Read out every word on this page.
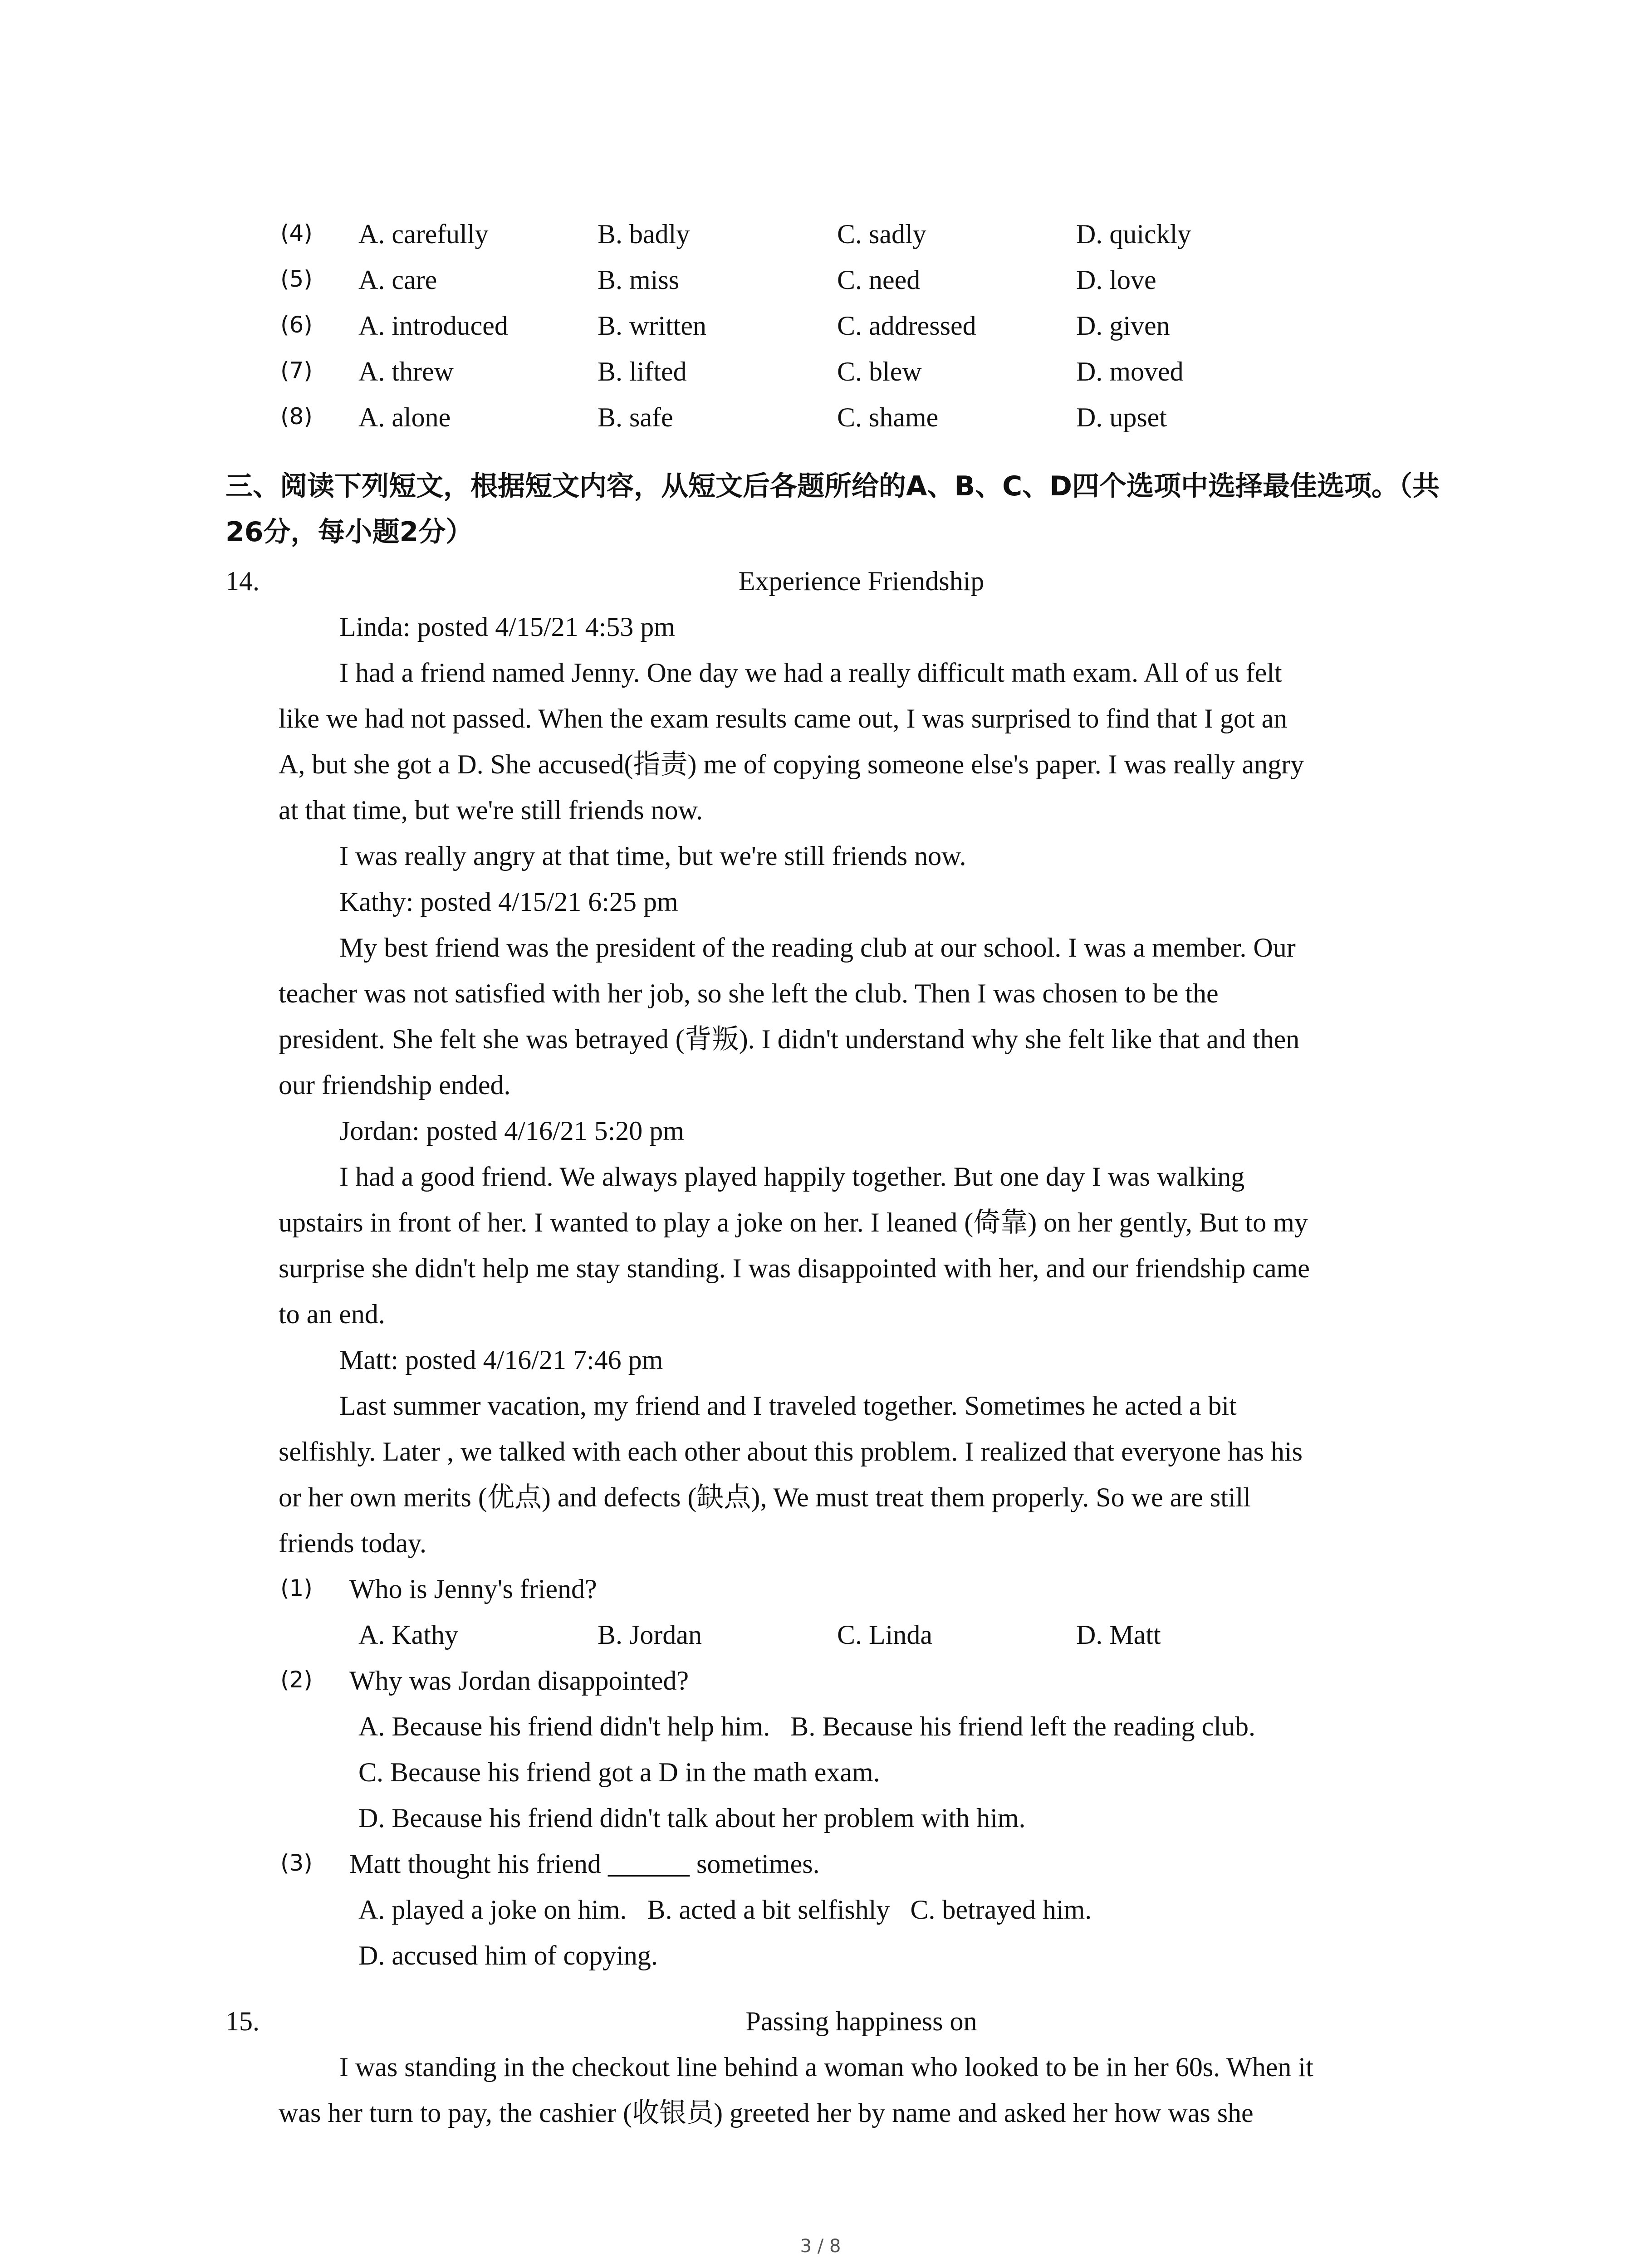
(4) A. carefully	B. badly	C. sadly	D. quickly
(5) A. care	B. miss	C. need	D. love
(6) A. introduced	B. written	C. addressed	D. given
(7) A. threw	B. lifted	C. blew	D. moved
(8) A. alone	B. safe	C. shame	D. upset
三、阅读下列短文，根据短文内容，从短文后各题所给的A、B、C、D四个选项中选择最佳选项。（共26分，每小题2分）
14.	Experience Friendship
Linda: posted 4/15/21 4:53 pm
I had a friend named Jenny. One day we had a really difficult math exam. All of us felt
like we had not passed. When the exam results came out, I was surprised to find that I got an
A, but she got a D. She accused(指责) me of copying someone else's paper. I was really angry
at that time, but we're still friends now.
I was really angry at that time, but we're still friends now.
Kathy: posted 4/15/21 6:25 pm
My best friend was the president of the reading club at our school. I was a member. Our
teacher was not satisfied with her job, so she left the club. Then I was chosen to be the
president. She felt she was betrayed (背叛). I didn't understand why she felt like that and then
our friendship ended.
Jordan: posted 4/16/21 5:20 pm
I had a good friend. We always played happily together. But one day I was walking
upstairs in front of her. I wanted to play a joke on her. I leaned (倚靠) on her gently, But to my
surprise she didn't help me stay standing. I was disappointed with her, and our friendship came
to an end.
Matt: posted 4/16/21 7:46 pm
Last summer vacation, my friend and I traveled together. Sometimes he acted a bit
selfishly. Later , we talked with each other about this problem. I realized that everyone has his
or her own merits (优点) and defects (缺点), We must treat them properly. So we are still
friends today.
(1) Who is Jenny's friend?
A. Kathy	B. Jordan	C. Linda	D. Matt
(2) Why was Jordan disappointed?
A. Because his friend didn't help him.   B. Because his friend left the reading club.
C. Because his friend got a D in the math exam.
D. Because his friend didn't talk about her problem with him.
(3) Matt thought his friend ______ sometimes.
A. played a joke on him.   B. acted a bit selfishly   C. betrayed him.
D. accused him of copying.
15.	Passing happiness on
I was standing in the checkout line behind a woman who looked to be in her 60s. When it
was her turn to pay, the cashier (收银员) greeted her by name and asked her how was she
3 / 8
